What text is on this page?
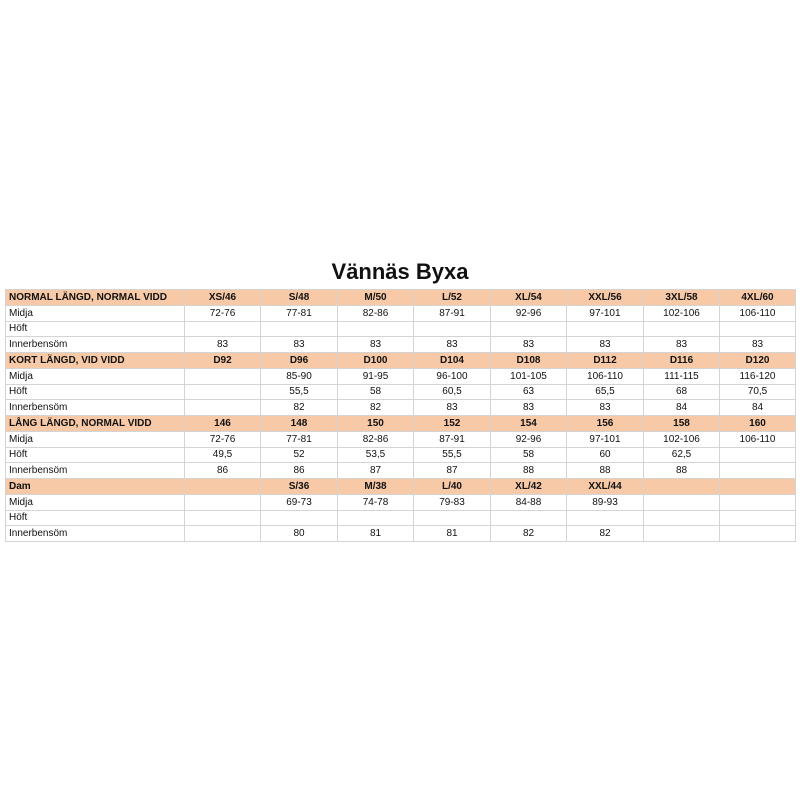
Vännäs Byxa
NORMAL LÄNGD, NORMAL VIDD	XS/46	S/48	M/50	L/52	XL/54	XXL/56	3XL/58	4XL/60
Midja	72-76	77-81	82-86	87-91	92-96	97-101	102-106	106-110
Höft								
Innerbensöm	83	83	83	83	83	83	83	83
KORT LÄNGD, VID VIDD	D92	D96	D100	D104	D108	D112	D116	D120
Midja		85-90	91-95	96-100	101-105	106-110	111-115	116-120
Höft		55,5	58	60,5	63	65,5	68	70,5
Innerbensöm		82	82	83	83	83	84	84
LÅNG LÄNGD, NORMAL VIDD	146	148	150	152	154	156	158	160
Midja	72-76	77-81	82-86	87-91	92-96	97-101	102-106	106-110
Höft	49,5	52	53,5	55,5	58	60	62,5	
Innerbensöm	86	86	87	87	88	88	88	
Dam		S/36	M/38	L/40	XL/42	XXL/44		
Midja		69-73	74-78	79-83	84-88	89-93		
Höft								
Innerbensöm		80	81	81	82	82		
